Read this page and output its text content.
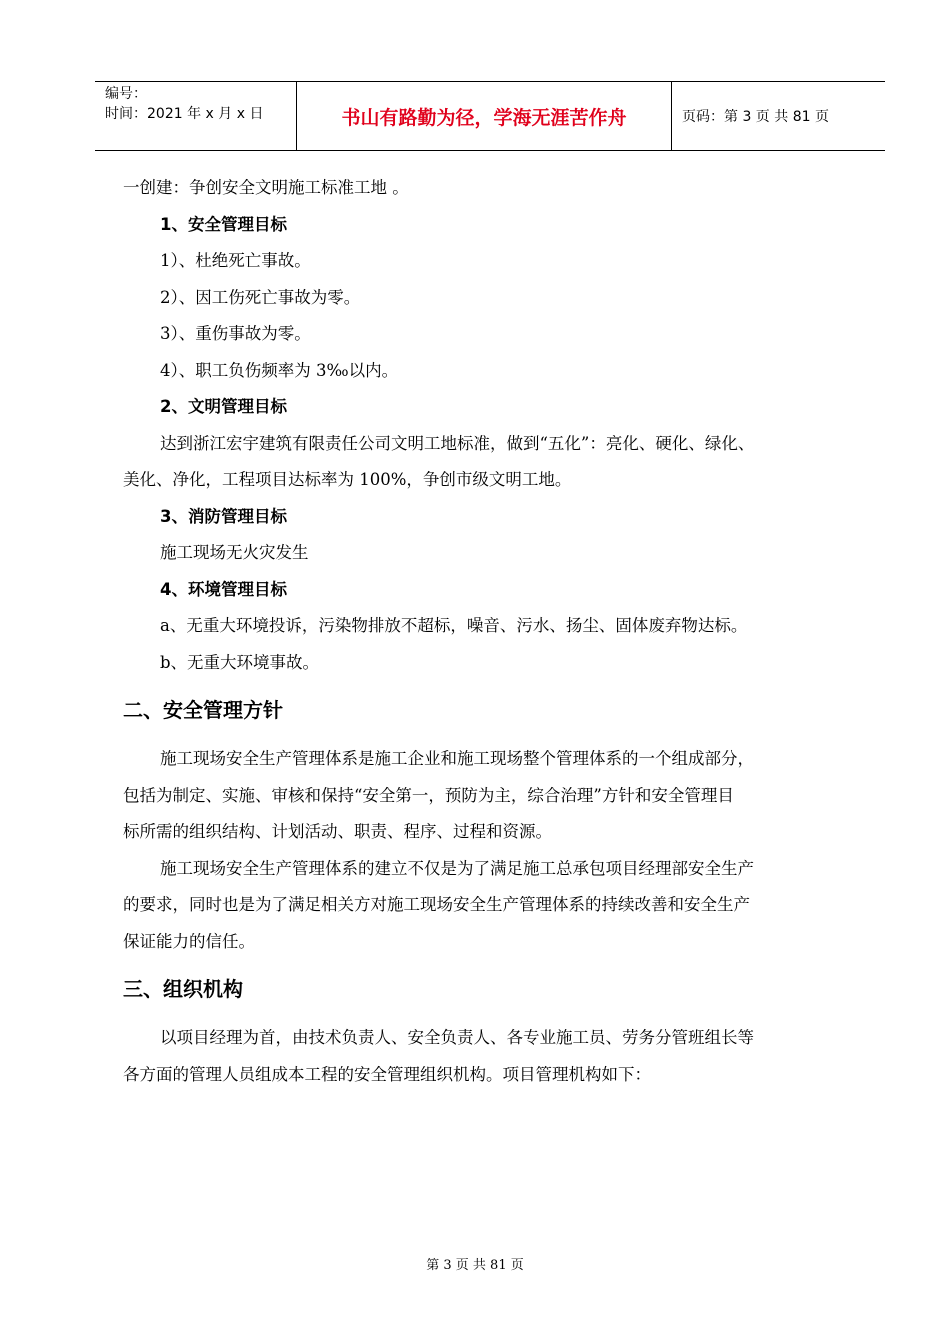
编号：
时间：2021 年 x 月 x 日	书山有路勤为径，学海无涯苦作舟	页码：第 3 页 共 81 页
一创建：争创安全文明施工标准工地 。
1、安全管理目标
1）、杜绝死亡事故。
2）、因工伤死亡事故为零。
3）、重伤事故为零。
4）、职工负伤频率为 3‰以内。
2、文明管理目标
达到浙江宏宇建筑有限责任公司文明工地标准，做到“五化”：亮化、硬化、绿化、
美化、净化，工程项目达标率为 100%，争创市级文明工地。
3、消防管理目标
施工现场无火灾发生
4、环境管理目标
a、无重大环境投诉，污染物排放不超标，噪音、污水、扬尘、固体废弃物达标。
b、无重大环境事故。
二、安全管理方针
施工现场安全生产管理体系是施工企业和施工现场整个管理体系的一个组成部分，
包括为制定、实施、审核和保持“安全第一，预防为主，综合治理”方针和安全管理目
标所需的组织结构、计划活动、职责、程序、过程和资源。
施工现场安全生产管理体系的建立不仅是为了满足施工总承包项目经理部安全生产
的要求，同时也是为了满足相关方对施工现场安全生产管理体系的持续改善和安全生产
保证能力的信任。
三、组织机构
以项目经理为首，由技术负责人、安全负责人、各专业施工员、劳务分管班组长等
各方面的管理人员组成本工程的安全管理组织机构。项目管理机构如下：
第 3 页 共 81 页
